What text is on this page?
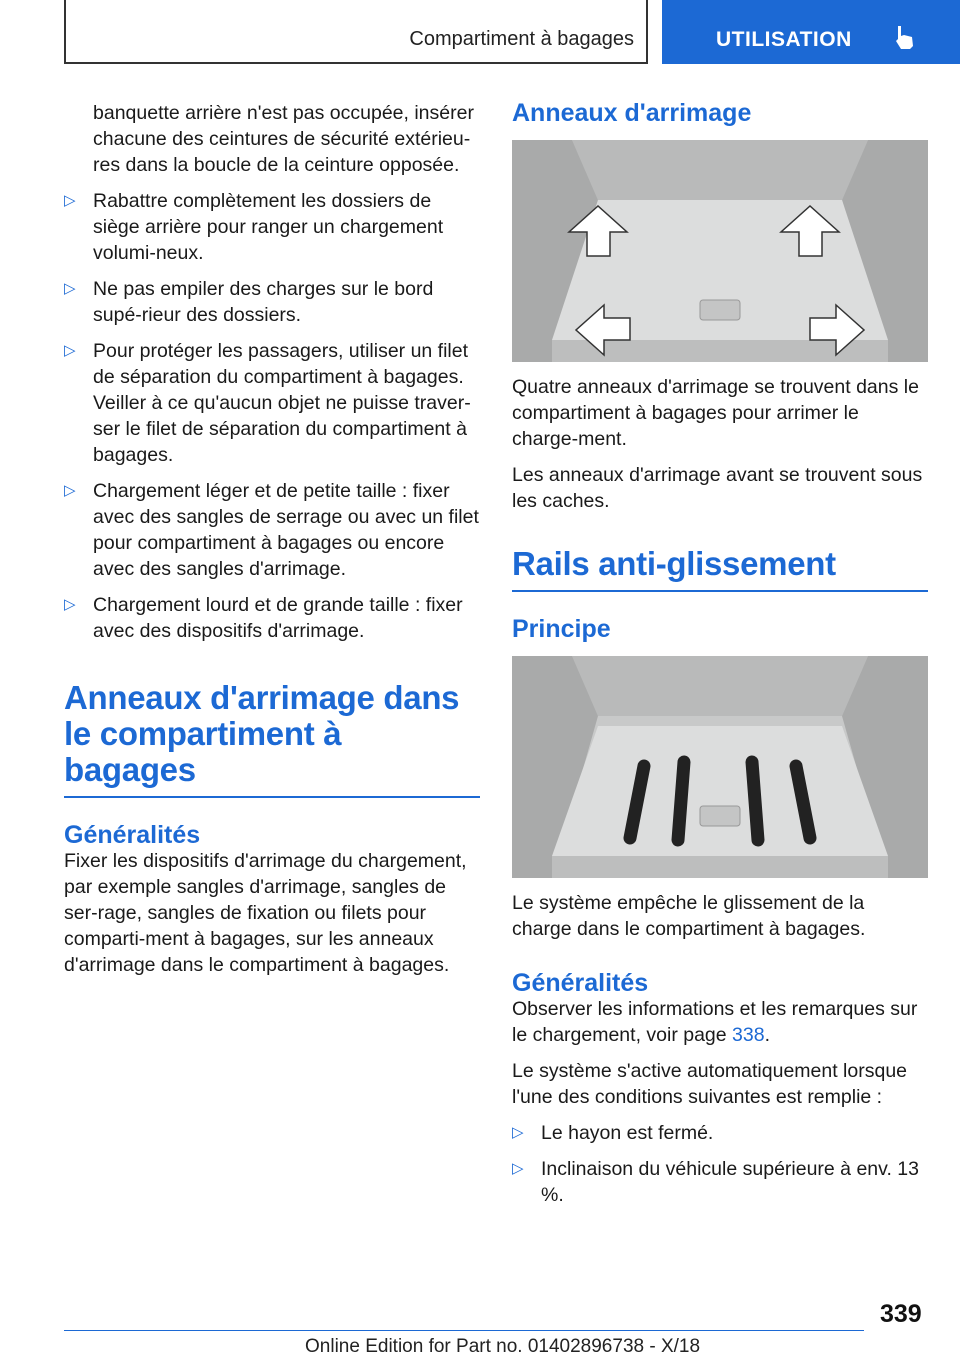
Compartiment à bagages	UTILISATION

banquette arrière n'est pas occupée, insérer chacune des ceintures de sécurité extérieu-res dans la boucle de la ceinture opposée.

▷ Rabattre complètement les dossiers de siège arrière pour ranger un chargement volumi-neux.
▷ Ne pas empiler des charges sur le bord supé-rieur des dossiers.
▷ Pour protéger les passagers, utiliser un filet de séparation du compartiment à bagages. Veiller à ce qu'aucun objet ne puisse traver-ser le filet de séparation du compartiment à bagages.
▷ Chargement léger et de petite taille : fixer avec des sangles de serrage ou avec un filet pour compartiment à bagages ou encore avec des sangles d'arrimage.
▷ Chargement lourd et de grande taille : fixer avec des dispositifs d'arrimage.
Anneaux d'arrimage dans le compartiment à bagages
Généralités

Fixer les dispositifs d'arrimage du chargement, par exemple sangles d'arrimage, sangles de ser-rage, sangles de fixation ou filets pour comparti-ment à bagages, sur les anneaux d'arrimage dans le compartiment à bagages.

Anneaux d'arrimage

Quatre anneaux d'arrimage se trouvent dans le compartiment à bagages pour arrimer le charge-ment.

Les anneaux d'arrimage avant se trouvent sous les caches.

Rails anti-glissement
Principe

Le système empêche le glissement de la charge dans le compartiment à bagages.

Généralités

Observer les informations et les remarques sur le chargement, voir page 338.

Le système s'active automatiquement lorsque l'une des conditions suivantes est remplie :

▷ Le hayon est fermé.
▷ Inclinaison du véhicule supérieure à env. 13 %.
339
Online Edition for Part no. 01402896738 - X/18
